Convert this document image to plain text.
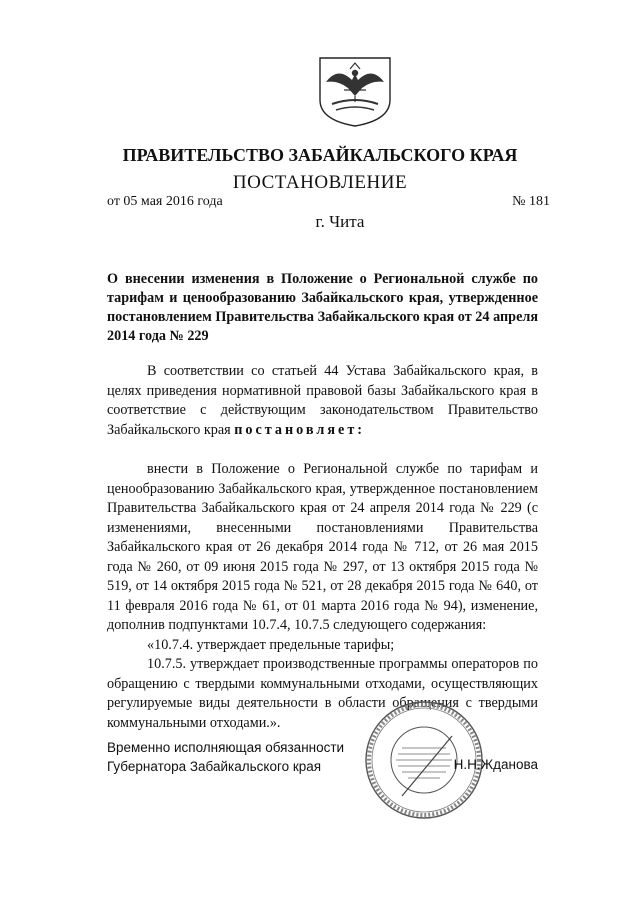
ПРАВИТЕЛЬСТВО ЗАБАЙКАЛЬСКОГО КРАЯ
ПОСТАНОВЛЕНИЕ
от 05 мая 2016 года	№ 181
г. Чита
О внесении изменения в Положение о Региональной службе по тарифам и ценообразованию Забайкальского края, утвержденное постановлением Правительства Забайкальского края от 24 апреля 2014 года № 229

В соответствии со статьей 44 Устава Забайкальского края, в целях приведения нормативной правовой базы Забайкальского края в соответствие с действующим законодательством Правительство Забайкальского края постановляет:

внести в Положение о Региональной службе по тарифам и ценообразованию Забайкальского края, утвержденное постановлением Правительства Забайкальского края от 24 апреля 2014 года № 229 (с изменениями, внесенными постановлениями Правительства Забайкальского края от 26 декабря 2014 года № 712, от 26 мая 2015 года № 260, от 09 июня 2015 года № 297, от 13 октября 2015 года № 519, от 14 октября 2015 года № 521, от 28 декабря 2015 года № 640, от 11 февраля 2016 года № 61, от 01 марта 2016 года № 94), изменение, дополнив подпунктами 10.7.4, 10.7.5 следующего содержания:

«10.7.4. утверждает предельные тарифы;

10.7.5. утверждает производственные программы операторов по обращению с твердыми коммунальными отходами, осуществляющих регулируемые виды деятельности в области обращения с твердыми коммунальными отходами.».

Временно исполняющая обязанности
Губернатора Забайкальского края	Н.Н.Жданова
